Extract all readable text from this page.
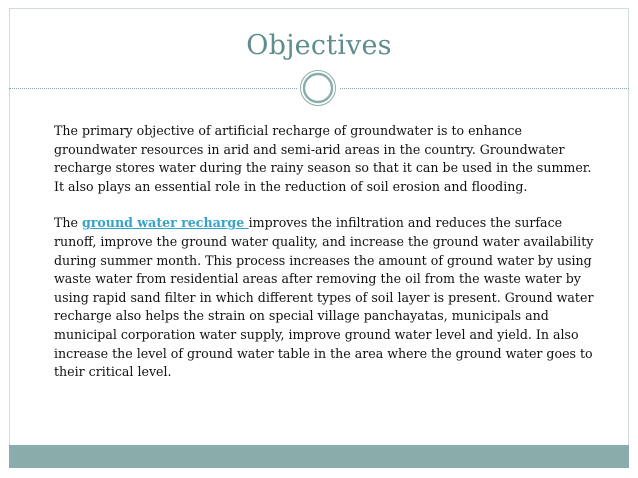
Objectives

The primary objective of artificial recharge of groundwater is to enhance groundwater resources in arid and semi-arid areas in the country. Groundwater recharge stores water during the rainy season so that it can be used in the summer. It also plays an essential role in the reduction of soil erosion and flooding.

The ground water recharge improves the infiltration and reduces the surface runoff, improve the ground water quality, and increase the ground water availability during summer month. This process increases the amount of ground water by using waste water from residential areas after removing the oil from the waste water by using rapid sand filter in which different types of soil layer is present. Ground water recharge also helps the strain on special village panchayatas, municipals and municipal corporation water supply, improve ground water level and yield. In also increase the level of ground water table in the area where the ground water goes to their critical level.
